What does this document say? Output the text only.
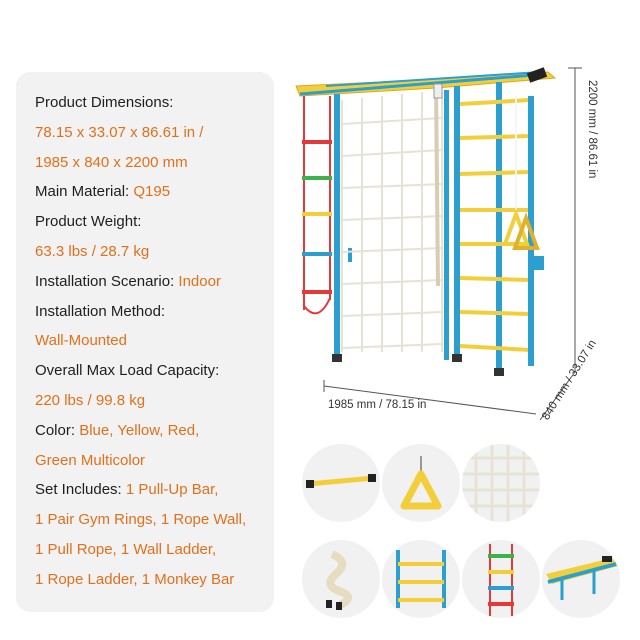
Product Dimensions:
78.15 x 33.07 x 86.61 in /
1985 x 840 x 2200 mm
Main Material: Q195
Product Weight:
63.3 lbs / 28.7 kg
Installation Scenario: Indoor
Installation Method:
Wall-Mounted
Overall Max Load Capacity:
220 lbs / 99.8 kg
Color: Blue, Yellow, Red,
Green Multicolor
Set Includes: 1 Pull-Up Bar,
1 Pair Gym Rings, 1 Rope Wall,
1 Pull Rope, 1 Wall Ladder,
1 Rope Ladder, 1 Monkey Bar
2200 mm / 86.61 in
1985 mm / 78.15 in	840 mm / 33.07 in
